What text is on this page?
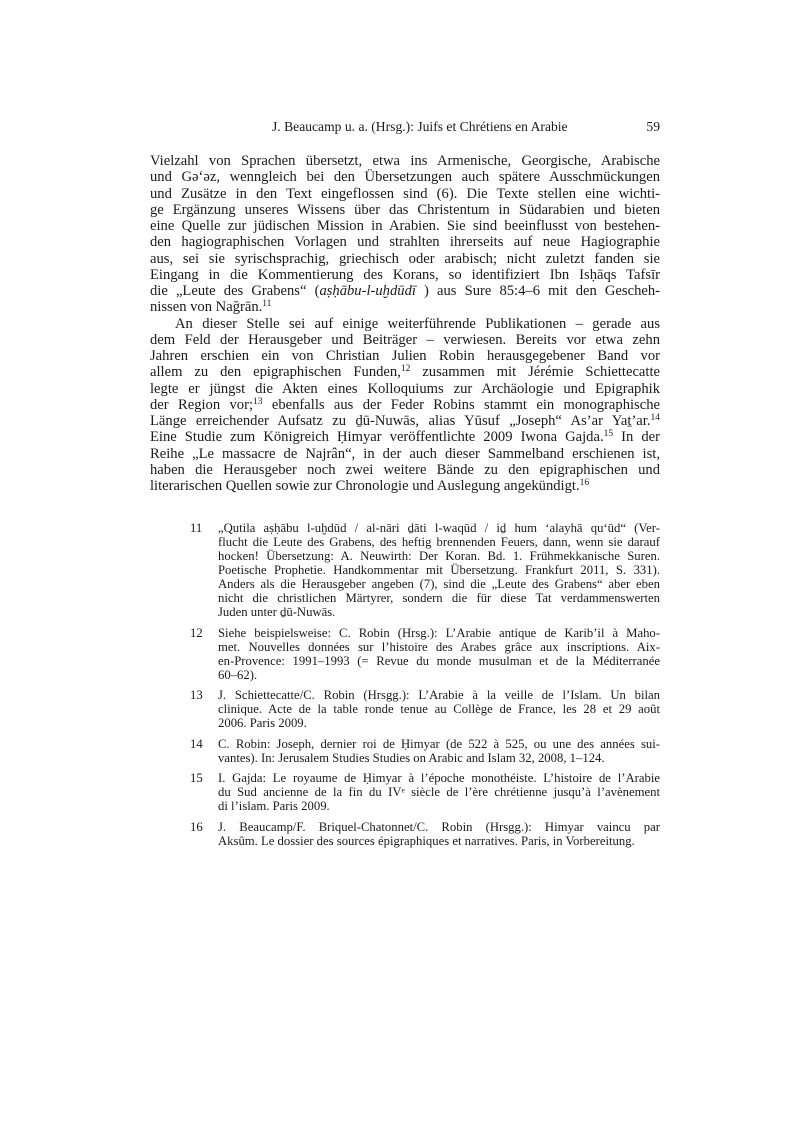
J. Beaucamp u. a. (Hrsg.): Juifs et Chrétiens en Arabie	59
Vielzahl von Sprachen übersetzt, etwa ins Armenische, Georgische, Arabische
und Gə‘əz, wenngleich bei den Übersetzungen auch spätere Ausschmückungen
und Zusätze in den Text eingeflossen sind (6). Die Texte stellen eine wichti-
ge Ergänzung unseres Wissens über das Christentum in Südarabien und bieten
eine Quelle zur jüdischen Mission in Arabien. Sie sind beeinflusst von bestehen-
den hagiographischen Vorlagen und strahlten ihrerseits auf neue Hagiographie
aus, sei sie syrischsprachig, griechisch oder arabisch; nicht zuletzt fanden sie
Eingang in die Kommentierung des Korans, so identifiziert Ibn Isḥāqs Tafsīr
die „Leute des Grabens“ (aṣḥābu-l-uḫdūdī ) aus Sure 85:4–6 mit den Gescheh-
nissen von Nağrān.$^{11}$
An dieser Stelle sei auf einige weiterführende Publikationen – gerade aus
dem Feld der Herausgeber und Beiträger – verwiesen. Bereits vor etwa zehn
Jahren erschien ein von Christian Julien Robin herausgegebener Band vor
allem zu den epigraphischen Funden,$^{12}$ zusammen mit Jérémie Schiettecatte
legte er jüngst die Akten eines Kolloquiums zur Archäologie und Epigraphik
der Region vor;$^{13}$ ebenfalls aus der Feder Robins stammt ein monographische
Länge erreichender Aufsatz zu ḏū-Nuwās, alias Yūsuf „Joseph“ As’ar Yaṯ’ar.$^{14}$
Eine Studie zum Königreich Ḥimyar veröffentlichte 2009 Iwona Gajda.$^{15}$ In der
Reihe „Le massacre de Najrân“, in der auch dieser Sammelband erschienen ist,
haben die Herausgeber noch zwei weitere Bände zu den epigraphischen und
literarischen Quellen sowie zur Chronologie und Auslegung angekündigt.$^{16}$
11 „Qutila aṣḥābu l-uḫdūd / al-nāri ḏāti l-waqūd / iḏ hum ‘alayhā qu‘ūd“ (Ver-
flucht die Leute des Grabens, des heftig brennenden Feuers, dann, wenn sie darauf
hocken! Übersetzung: A. Neuwirth: Der Koran. Bd. 1. Frühmekkanische Suren.
Poetische Prophetie. Handkommentar mit Übersetzung. Frankfurt 2011, S. 331).
Anders als die Herausgeber angeben (7), sind die „Leute des Grabens“ aber eben
nicht die christlichen Märtyrer, sondern die für diese Tat verdammenswerten
Juden unter ḏū-Nuwās.
12 Siehe beispielsweise: C. Robin (Hrsg.): L’Arabie antique de Karib’il à Maho-
met. Nouvelles données sur l’histoire des Arabes grâce aux inscriptions. Aix-
en-Provence: 1991–1993 (= Revue du monde musulman et de la Méditerranée
60–62).
13 J. Schiettecatte/C. Robin (Hrsgg.): L’Arabie à la veille de l’Islam. Un bilan
clinique. Acte de la table ronde tenue au Collège de France, les 28 et 29 août
2006. Paris 2009.
14 C. Robin: Joseph, dernier roi de Ḥimyar (de 522 à 525, ou une des années sui-
vantes). In: Jerusalem Studies Studies on Arabic and Islam 32, 2008, 1–124.
15 I. Gajda: Le royaume de Ḥimyar à l’époche monothéiste. L’histoire de l’Arabie
du Sud ancienne de la fin du IVᵉ siècle de l’ère chrétienne jusqu’à l’avènement
di l’islam. Paris 2009.
16 J. Beaucamp/F. Briquel-Chatonnet/C. Robin (Hrsgg.): Himyar vaincu par
Aksûm. Le dossier des sources épigraphiques et narratives. Paris, in Vorbereitung.
